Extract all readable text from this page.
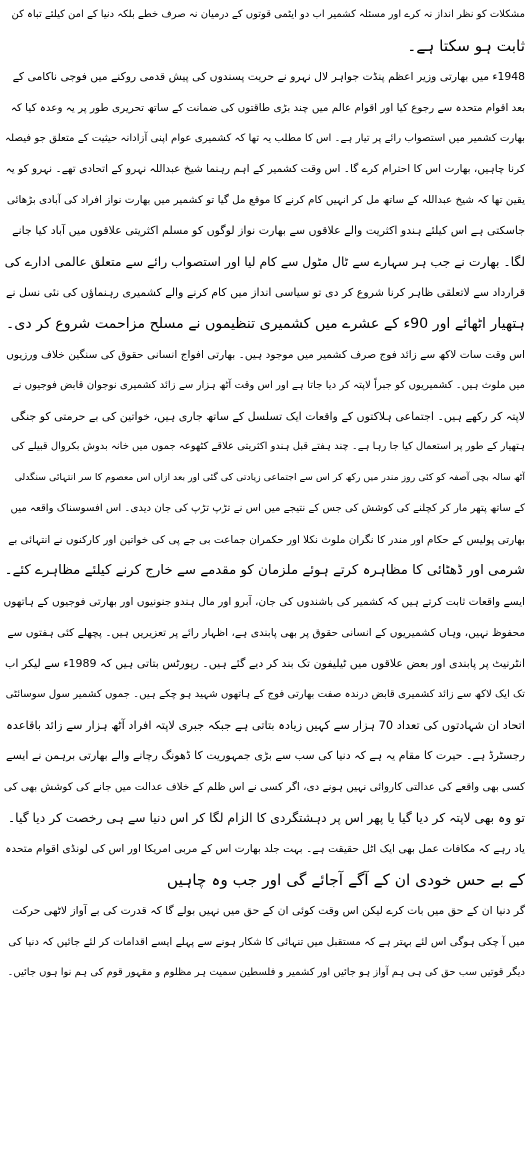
مشکلات کو نظر انداز نہ کرے اور مسئلہ کشمیر اب دو ایٹمی قوتوں کے درمیان نہ صرف خطے بلکہ دنیا کے امن کیلئے تباہ کن
ثابت ہو سکتا ہے۔
1948ء میں بھارتی وزیر اعظم پنڈت جواہر لال نہرو نے حریت پسندوں کی پیش قدمی روکنے میں فوجی ناکامی کے
بعد اقوام متحدہ سے رجوع کیا اور اقوام عالم میں چند بڑی طاقتوں کی ضمانت کے ساتھ تحریری طور پر یہ وعدہ کیا کہ
بھارت کشمیر میں استصواب رائے پر تیار ہے۔ اس کا مطلب یہ تھا کہ کشمیری عوام اپنی آزادانہ حیثیت کے متعلق جو فیصلہ
کرنا چاہیں، بھارت اس کا احترام کرے گا۔ اس وقت کشمیر کے اہم رہنما شیخ عبداللہ نہرو کے اتحادی تھے۔ نہرو کو یہ
یقین تھا کہ شیخ عبداللہ کے ساتھ مل کر انہیں کام کرنے کا موقع مل گیا تو کشمیر میں بھارت نواز افراد کی آبادی بڑھائی
جاسکتی ہے اس کیلئے ہندو اکثریت والے علاقوں سے بھارت نواز لوگوں کو مسلم اکثریتی علاقوں میں آباد کیا جانے
لگا۔ بھارت نے جب ہر سہارے سے ٹال مٹول سے کام لیا اور استصواب رائے سے متعلق عالمی ادارے کی
قرارداد سے لاتعلقی ظاہر کرنا شروع کر دی تو سیاسی انداز میں کام کرنے والے کشمیری رہنماؤں کی نئی نسل نے
ہتھیار اٹھائے اور 90ء کے عشرے میں کشمیری تنظیموں نے مسلح مزاحمت شروع کر دی۔
اس وقت سات لاکھ سے زائد فوج صرف کشمیر میں موجود ہیں۔ بھارتی افواج انسانی حقوق کی سنگین خلاف ورزیوں
میں ملوث ہیں۔ کشمیریوں کو جبراً لاپتہ کر دیا جاتا ہے اور اس وقت آٹھ ہزار سے زائد کشمیری نوجوان قابض فوجیوں نے
لاپتہ کر رکھے ہیں۔ اجتماعی ہلاکتوں کے واقعات ایک تسلسل کے ساتھ جاری ہیں، خواتین کی بے حرمتی کو جنگی
ہتھیار کے طور پر استعمال کیا جا رہا ہے۔ چند ہفتے قبل ہندو اکثریتی علاقے کٹھوعہ جموں میں خانہ بدوش بکروال قبیلے کی
آٹھ سالہ بچی آصفہ کو کئی روز مندر میں رکھ کر اس سے اجتماعی زیادتی کی گئی اور بعد ازاں اس معصوم کا سر انتہائی سنگدلی
کے ساتھ پتھر مار کر کچلنے کی کوشش کی جس کے نتیجے میں اس نے تڑپ تڑپ کی جان دیدی۔ اس افسوسناک واقعہ میں
بھارتی پولیس کے حکام اور مندر کا نگران ملوث نکلا اور حکمران جماعت بی جے پی کی خواتین اور کارکنوں نے انتہائی بے
شرمی اور ڈھٹائی کا مظاہرہ کرتے ہوئے ملزمان کو مقدمے سے خارج کرنے کیلئے مظاہرے کئے۔
ایسے واقعات ثابت کرتے ہیں کہ کشمیر کی باشندوں کی جان، آبرو اور مال ہندو جنونیوں اور بھارتی فوجیوں کے ہاتھوں
محفوظ نہیں، وہاں کشمیریوں کے انسانی حقوق پر بھی پابندی ہے، اظہار رائے پر تعزیریں ہیں۔ پچھلے کئی ہفتوں سے
انٹرنیٹ پر پابندی اور بعض علاقوں میں ٹیلیفون تک بند کر دیے گئے ہیں۔ رپورٹس بتاتی ہیں کہ 1989ء سے لیکر اب
تک ایک لاکھ سے زائد کشمیری قابض درندہ صفت بھارتی فوج کے ہاتھوں شہید ہو چکے ہیں۔ جموں کشمیر سول سوسائٹی
اتحاد ان شہادتوں کی تعداد 70 ہزار سے کہیں زیادہ بتاتی ہے جبکہ جبری لاپتہ افراد آٹھ ہزار سے زائد باقاعدہ
رجسٹرڈ ہے۔ حیرت کا مقام یہ ہے کہ دنیا کی سب سے بڑی جمہوریت کا ڈھونگ رچانے والے بھارتی برہمن نے ایسے
کسی بھی واقعے کی عدالتی کاروائی نہیں ہونے دی، اگر کسی نے اس ظلم کے خلاف عدالت میں جانے کی کوشش بھی کی
تو وہ بھی لاپتہ کر دیا گیا یا پھر اس پر دہشتگردی کا الزام لگا کر اس دنیا سے ہی رخصت کر دیا گیا۔
یاد رہے کہ مکافات عمل بھی ایک اٹل حقیقت ہے۔ بہت جلد بھارت اس کے مربی امریکا اور اس کی لونڈی اقوام متحدہ
کے بے حس خودی ان کے آگے آجائے گی اور جب وہ چاہیں
گر دنیا ان کے حق میں بات کرے لیکن اس وقت کوئی ان کے حق میں نہیں بولے گا کہ قدرت کی بے آواز لاٹھی حرکت
میں آ چکی ہوگی اس لئے بہتر ہے کہ مستقبل میں تنہائی کا شکار ہونے سے پہلے ایسے اقدامات کر لئے جائیں کہ دنیا کی
دیگر قوتیں سب حق کی ہی ہم آواز ہو جائیں اور کشمیر و فلسطین سمیت ہر مظلوم و مقہور قوم کی ہم نوا ہوں جائیں۔
